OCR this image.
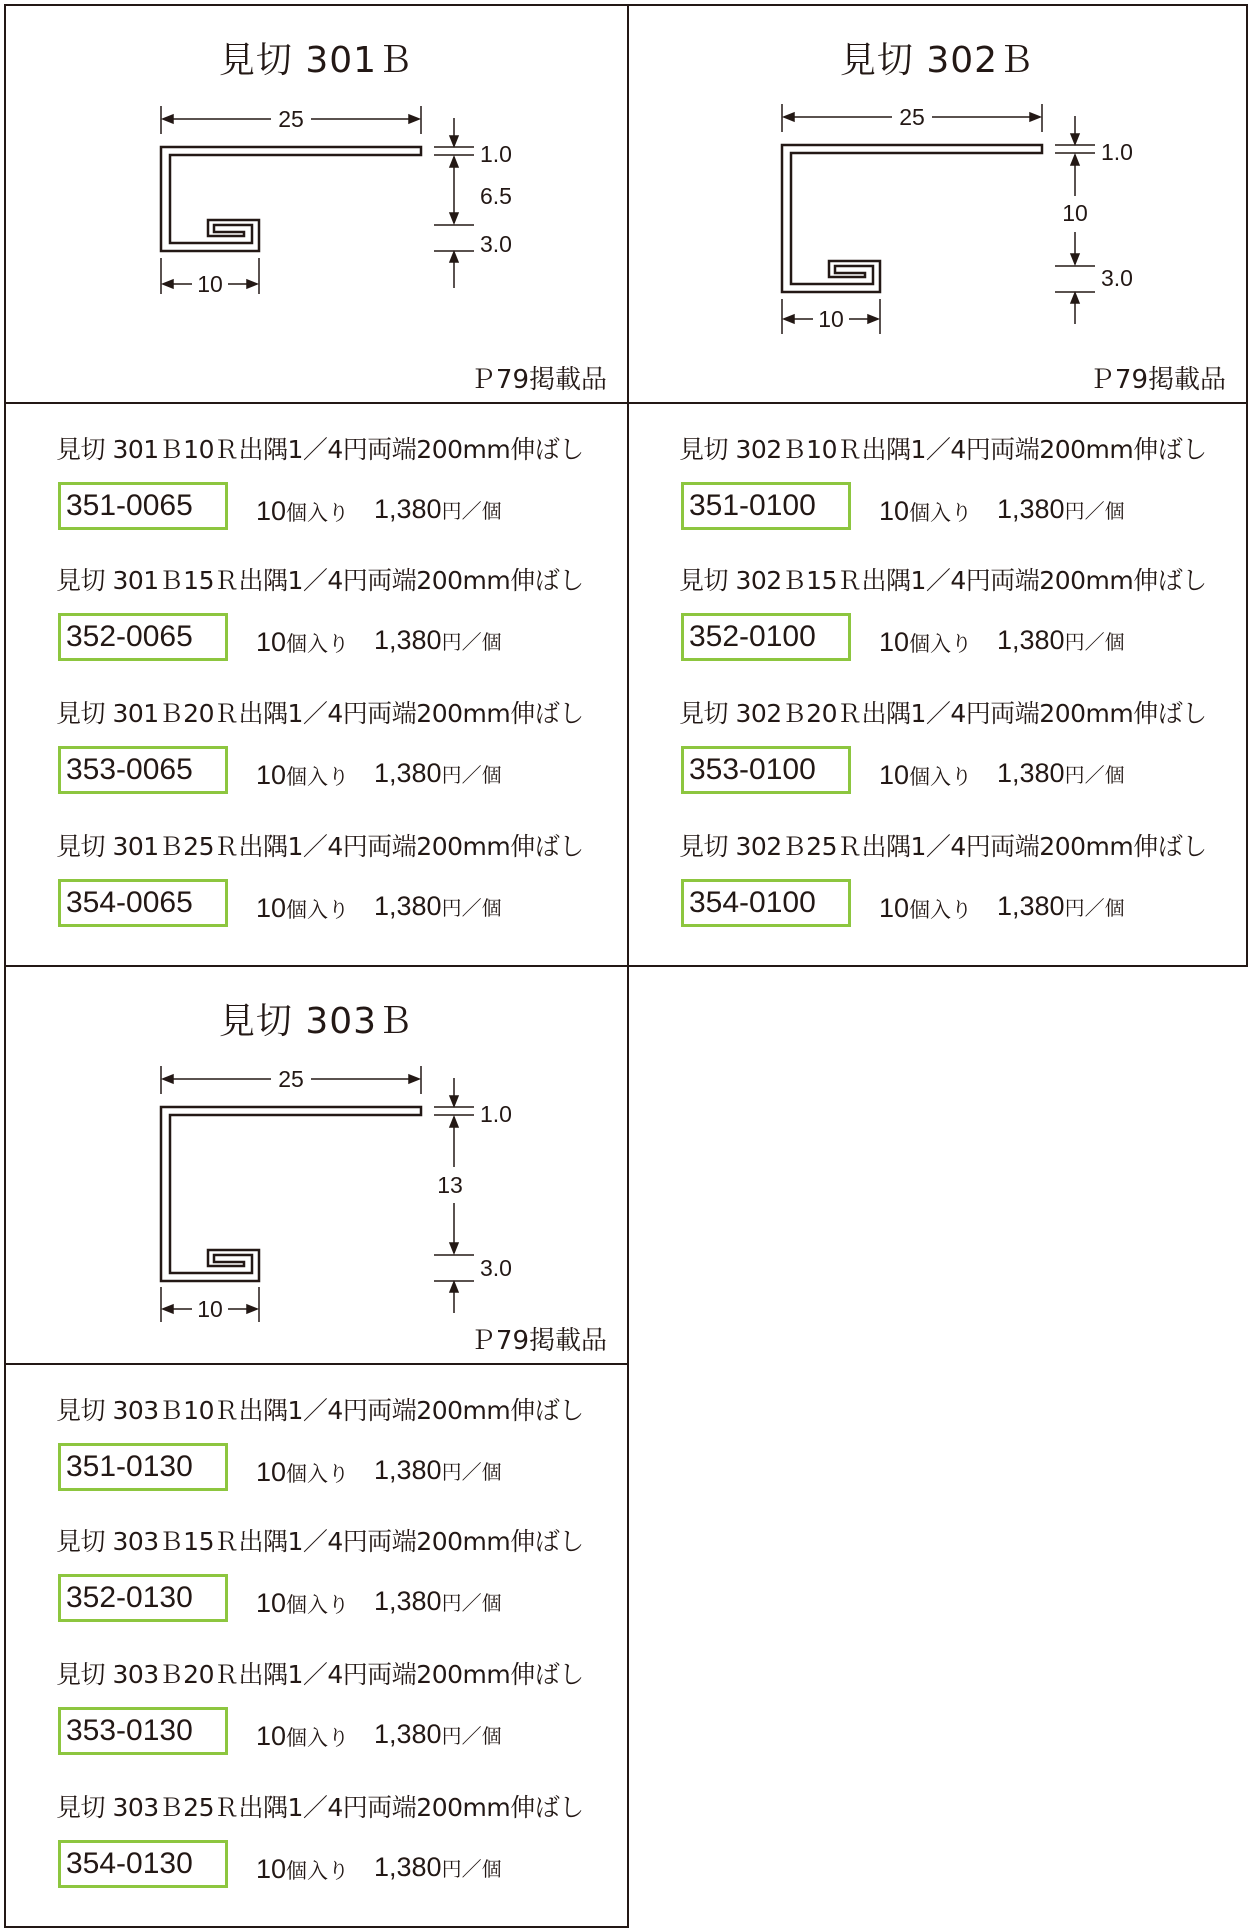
見切 301Ｂ
25
10
1.0
6.5
3.0
Ｐ79掲載品
見切 301Ｂ10Ｒ出隅1／4円両端200mm伸ばし
351-0065	10個入り 1,380円／個
見切 301Ｂ15Ｒ出隅1／4円両端200mm伸ばし
352-0065	10個入り 1,380円／個
見切 301Ｂ20Ｒ出隅1／4円両端200mm伸ばし
353-0065	10個入り 1,380円／個
見切 301Ｂ25Ｒ出隅1／4円両端200mm伸ばし
354-0065	10個入り 1,380円／個
見切 302Ｂ
25
10
1.0
10
3.0
Ｐ79掲載品
見切 302Ｂ10Ｒ出隅1／4円両端200mm伸ばし
351-0100	10個入り 1,380円／個
見切 302Ｂ15Ｒ出隅1／4円両端200mm伸ばし
352-0100	10個入り 1,380円／個
見切 302Ｂ20Ｒ出隅1／4円両端200mm伸ばし
353-0100	10個入り 1,380円／個
見切 302Ｂ25Ｒ出隅1／4円両端200mm伸ばし
354-0100	10個入り 1,380円／個
見切 303Ｂ
25
10
1.0
13
3.0
Ｐ79掲載品
見切 303Ｂ10Ｒ出隅1／4円両端200mm伸ばし
351-0130	10個入り 1,380円／個
見切 303Ｂ15Ｒ出隅1／4円両端200mm伸ばし
352-0130	10個入り 1,380円／個
見切 303Ｂ20Ｒ出隅1／4円両端200mm伸ばし
353-0130	10個入り 1,380円／個
見切 303Ｂ25Ｒ出隅1／4円両端200mm伸ばし
354-0130	10個入り 1,380円／個
